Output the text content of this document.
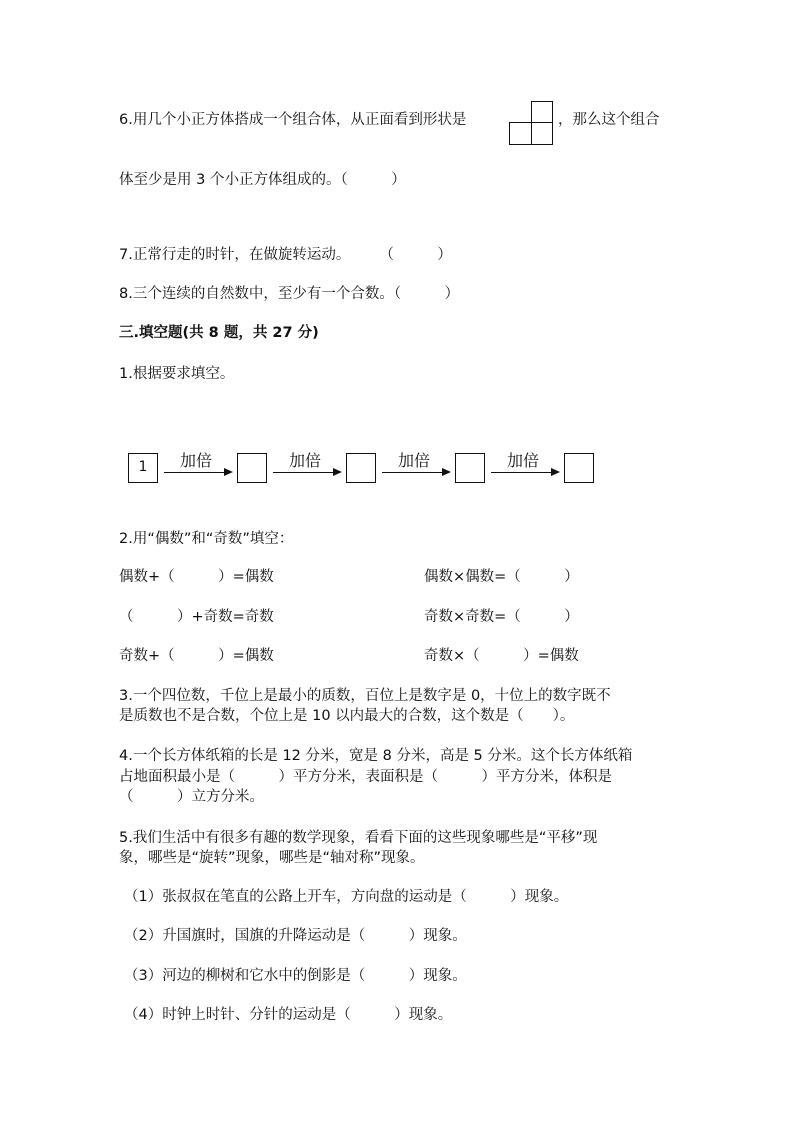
6.用几个小正方体搭成一个组合体，从正面看到形状是	，那么这个组合
体至少是用 3 个小正方体组成的。（　　　）
7.正常行走的时针，在做旋转运动。　　　（　　　）
8.三个连续的自然数中，至少有一个合数。（　　　）
三.填空题(共 8 题，共 27 分)
1.根据要求填空。
1	加倍	加倍	加倍	加倍
2.用“偶数”和“奇数”填空：
偶数+（　　　）=偶数	偶数×偶数=（　　　）
（　　　）+奇数=奇数	奇数×奇数=（　　　）
奇数+（　　　）=偶数	奇数×（　　　）=偶数
3.一个四位数，千位上是最小的质数，百位上是数字是 0，十位上的数字既不
是质数也不是合数，个位上是 10 以内最大的合数，这个数是（　　）。
4.一个长方体纸箱的长是 12 分米，宽是 8 分米，高是 5 分米。这个长方体纸箱
占地面积最小是（　　　）平方分米，表面积是（　　　）平方分米，体积是
（　　　）立方分米。
5.我们生活中有很多有趣的数学现象，看看下面的这些现象哪些是“平移”现
象，哪些是“旋转”现象，哪些是“轴对称”现象。
（1）张叔叔在笔直的公路上开车，方向盘的运动是（　　　）现象。
（2）升国旗时，国旗的升降运动是（　　　）现象。
（3）河边的柳树和它水中的倒影是（　　　）现象。
（4）时钟上时针、分针的运动是（　　　）现象。
